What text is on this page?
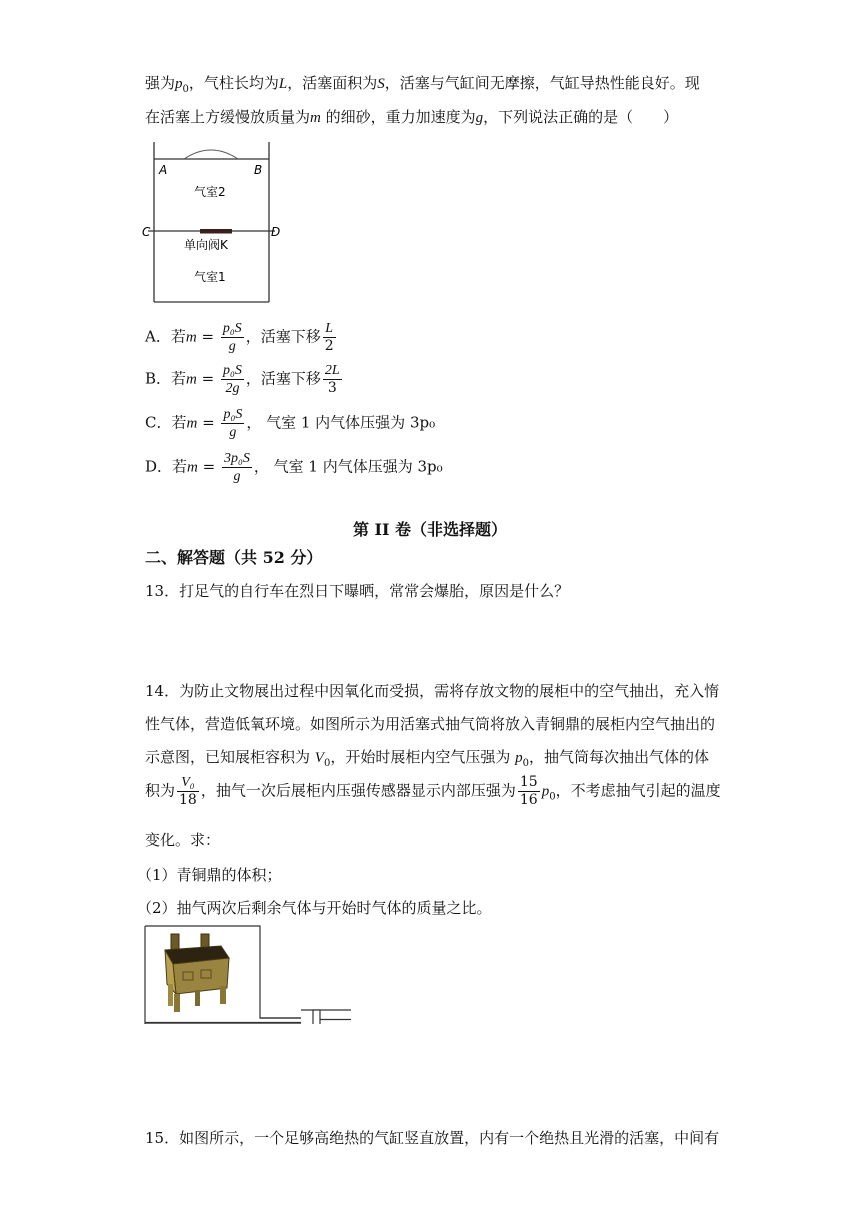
强为$p_0$，气柱长均为L，活塞面积为S，活塞与气缸间无摩擦，气缸导热性能良好。现
在活塞上方缓慢放质量为m 的细砂，重力加速度为g，下列说法正确的是（　　）
A	B
C	D
气室2
单向阀K
气室1
A．若$m = \frac{\text{p₀S}}{g}$ ，活塞下移 $\frac{L}{2}$
B．若$m = \frac{\text{p₀S}}{2g}$ ，活塞下移 $\frac{2L}{3}$
C．若$m = \frac{\text{p₀S}}{g}$ ， 气室 1 内气体压强为 3p₀
D．若$m = \frac{\text{3p₀S}}{g}$ ， 气室 1 内气体压强为 3p₀
第 II 卷（非选择题）
二、解答题（共 52 分）
13．打足气的自行车在烈日下曝晒，常常会爆胎，原因是什么？
14．为防止文物展出过程中因氧化而受损，需将存放文物的展柜中的空气抽出，充入惰
性气体，营造低氧环境。如图所示为用活塞式抽气筒将放入青铜鼎的展柜内空气抽出的
示意图，已知展柜容积为 $V_0$，开始时展柜内空气压强为 $p_0$，抽气筒每次抽出气体的体
积为 $\frac{\text{V₀}}{18}$ ，抽气一次后展柜内压强传感器显示内部压强为 $\frac{15}{16} p_0$，不考虑抽气引起的温度
变化。求：
（1）青铜鼎的体积；
（2）抽气两次后剩余气体与开始时气体的质量之比。
15．如图所示，一个足够高绝热的气缸竖直放置，内有一个绝热且光滑的活塞，中间有
